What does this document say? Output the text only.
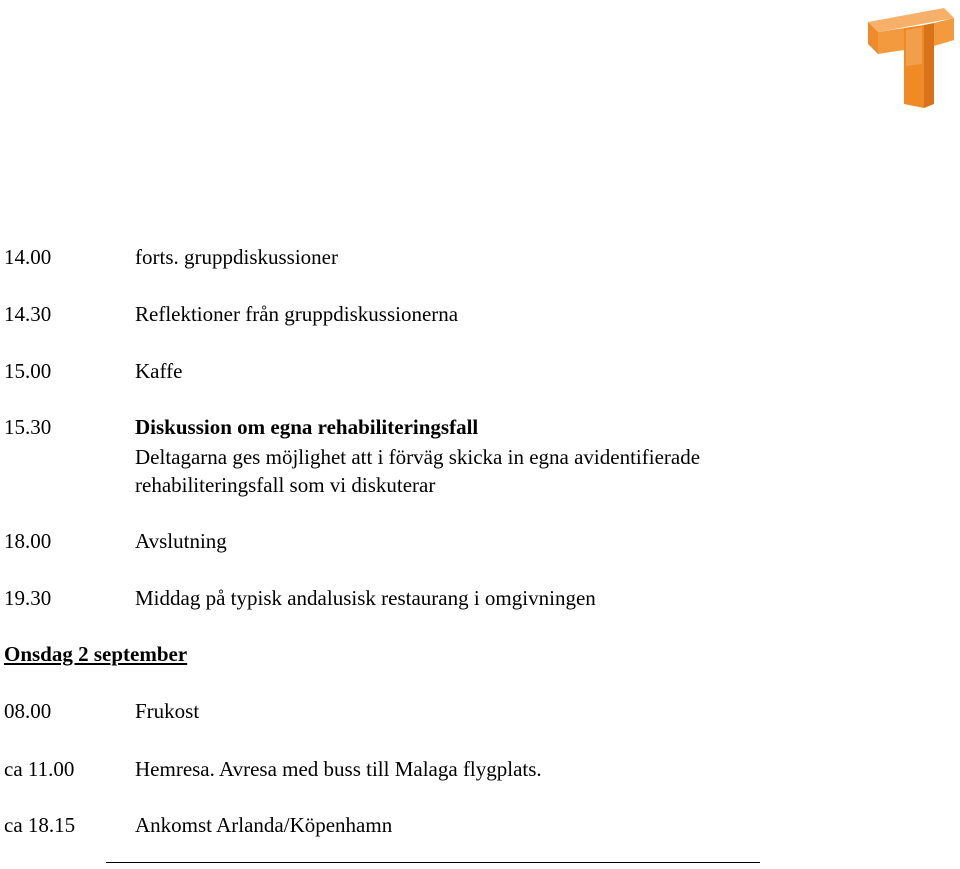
14.00	forts. gruppdiskussioner
14.30	Reflektioner från gruppdiskussionerna
15.00	Kaffe
15.30	Diskussion om egna rehabiliteringsfall
Deltagarna ges möjlighet att i förväg skicka in egna avidentifierade
rehabiliteringsfall som vi diskuterar
18.00	Avslutning
19.30	Middag på typisk andalusisk restaurang i omgivningen
Onsdag 2 september
08.00	Frukost
ca 11.00	Hemresa. Avresa med buss till Malaga flygplats.
ca 18.15	Ankomst Arlanda/Köpenhamn
